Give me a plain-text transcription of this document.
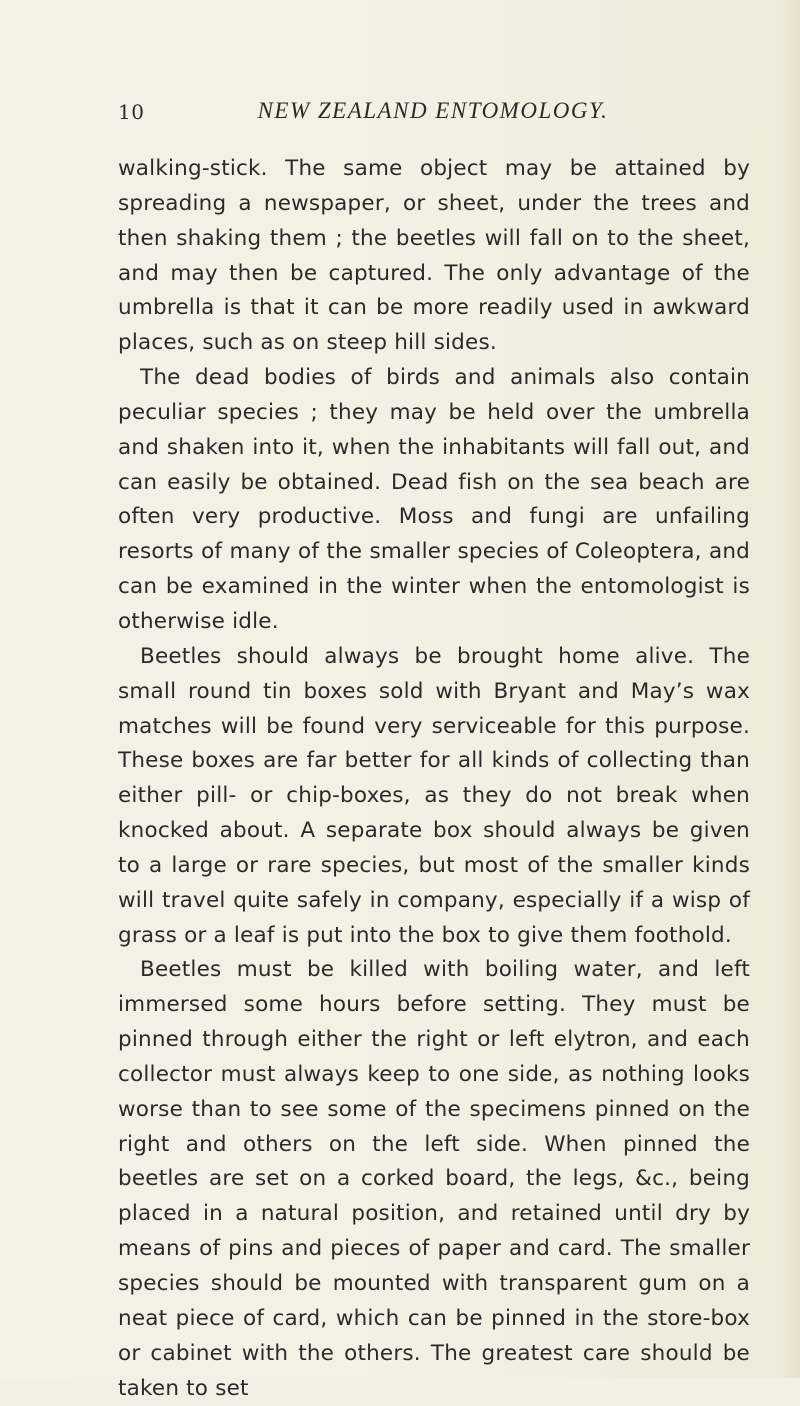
10	NEW ZEALAND ENTOMOLOGY.

walking-stick. The same object may be attained by spreading a newspaper, or sheet, under the trees and then shaking them ; the beetles will fall on to the sheet, and may then be captured. The only advantage of the umbrella is that it can be more readily used in awkward places, such as on steep hill sides.

The dead bodies of birds and animals also contain peculiar species ; they may be held over the umbrella and shaken into it, when the inhabitants will fall out, and can easily be obtained. Dead fish on the sea beach are often very productive. Moss and fungi are unfailing resorts of many of the smaller species of Coleoptera, and can be examined in the winter when the entomologist is otherwise idle.

Beetles should always be brought home alive. The small round tin boxes sold with Bryant and May’s wax matches will be found very serviceable for this purpose. These boxes are far better for all kinds of collecting than either pill- or chip-boxes, as they do not break when knocked about. A separate box should always be given to a large or rare species, but most of the smaller kinds will travel quite safely in company, especially if a wisp of grass or a leaf is put into the box to give them foothold.

Beetles must be killed with boiling water, and left immersed some hours before setting. They must be pinned through either the right or left elytron, and each collector must always keep to one side, as nothing looks worse than to see some of the specimens pinned on the right and others on the left side. When pinned the beetles are set on a corked board, the legs, &c., being placed in a natural position, and retained until dry by means of pins and pieces of paper and card. The smaller species should be mounted with transparent gum on a neat piece of card, which can be pinned in the store-box or cabinet with the others. The greatest care should be taken to set
